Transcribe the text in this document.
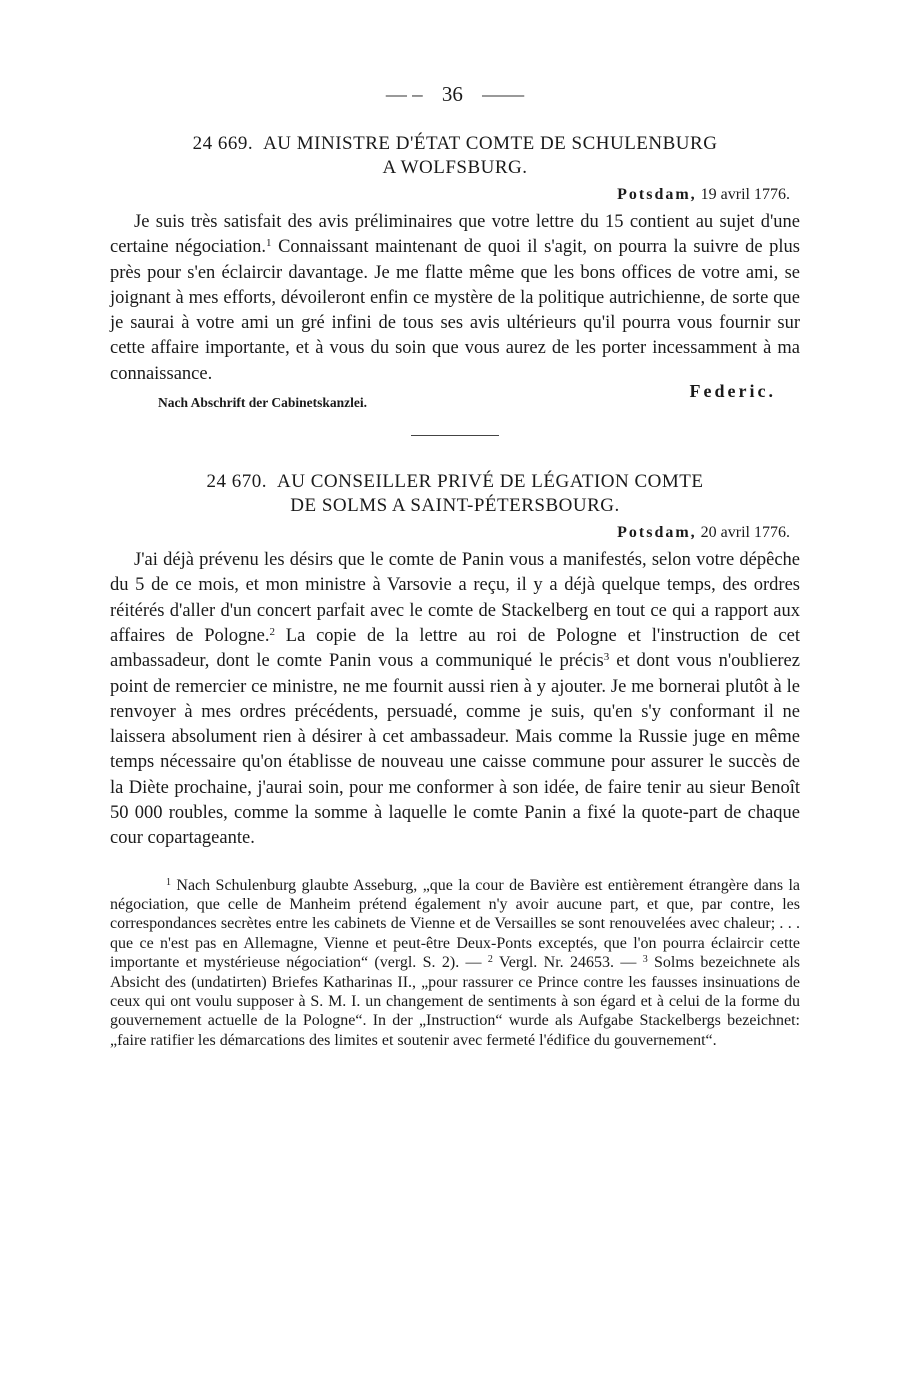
— – 36 ——
24 669. AU MINISTRE D'ÉTAT COMTE DE SCHULENBURG
A WOLFSBURG.
Potsdam, 19 avril 1776.

Je suis très satisfait des avis préliminaires que votre lettre du 15 contient au sujet d'une certaine négociation.$^1$ Connaissant maintenant de quoi il s'agit, on pourra la suivre de plus près pour s'en éclaircir davantage. Je me flatte même que les bons offices de votre ami, se joignant à mes efforts, dévoileront enfin ce mystère de la politique autrichienne, de sorte que je saurai à votre ami un gré infini de tous ses avis ultérieurs qu'il pourra vous fournir sur cette affaire importante, et à vous du soin que vous aurez de les porter incessamment à ma connaissance.

Nach Abschrift der Cabinetskanzlei.
Federic.
24 670. AU CONSEILLER PRIVÉ DE LÉGATION COMTE
DE SOLMS A SAINT-PÉTERSBOURG.
Potsdam, 20 avril 1776.

J'ai déjà prévenu les désirs que le comte de Panin vous a manifestés, selon votre dépêche du 5 de ce mois, et mon ministre à Varsovie a reçu, il y a déjà quelque temps, des ordres réitérés d'aller d'un concert parfait avec le comte de Stackelberg en tout ce qui a rapport aux affaires de Pologne.$^2$ La copie de la lettre au roi de Pologne et l'instruction de cet ambassadeur, dont le comte Panin vous a communiqué le précis$^3$ et dont vous n'oublierez point de remercier ce ministre, ne me fournit aussi rien à y ajouter. Je me bornerai plutôt à le renvoyer à mes ordres précédents, persuadé, comme je suis, qu'en s'y conformant il ne laissera absolument rien à désirer à cet ambassadeur. Mais comme la Russie juge en même temps nécessaire qu'on établisse de nouveau une caisse commune pour assurer le succès de la Diète prochaine, j'aurai soin, pour me conformer à son idée, de faire tenir au sieur Benoît 50 000 roubles, comme la somme à laquelle le comte Panin a fixé la quote-part de chaque cour copartageante.

$^1$ Nach Schulenburg glaubte Asseburg, „que la cour de Bavière est entièrement étrangère dans la négociation, que celle de Manheim prétend également n'y avoir aucune part, et que, par contre, les correspondances secrètes entre les cabinets de Vienne et de Versailles se sont renouvelées avec chaleur; . . . que ce n'est pas en Allemagne, Vienne et peut-être Deux-Ponts exceptés, que l'on pourra éclaircir cette importante et mystérieuse négociation“ (vergl. S. 2). — $^2$ Vergl. Nr. 24653. — $^3$ Solms bezeichnete als Absicht des (undatirten) Briefes Katharinas II., „pour rassurer ce Prince contre les fausses insinuations de ceux qui ont voulu supposer à S. M. I. un changement de sentiments à son égard et à celui de la forme du gouvernement actuelle de la Pologne“. In der „Instruction“ wurde als Aufgabe Stackelbergs bezeichnet: „faire ratifier les démarcations des limites et soutenir avec fermeté l'édifice du gouvernement“.
